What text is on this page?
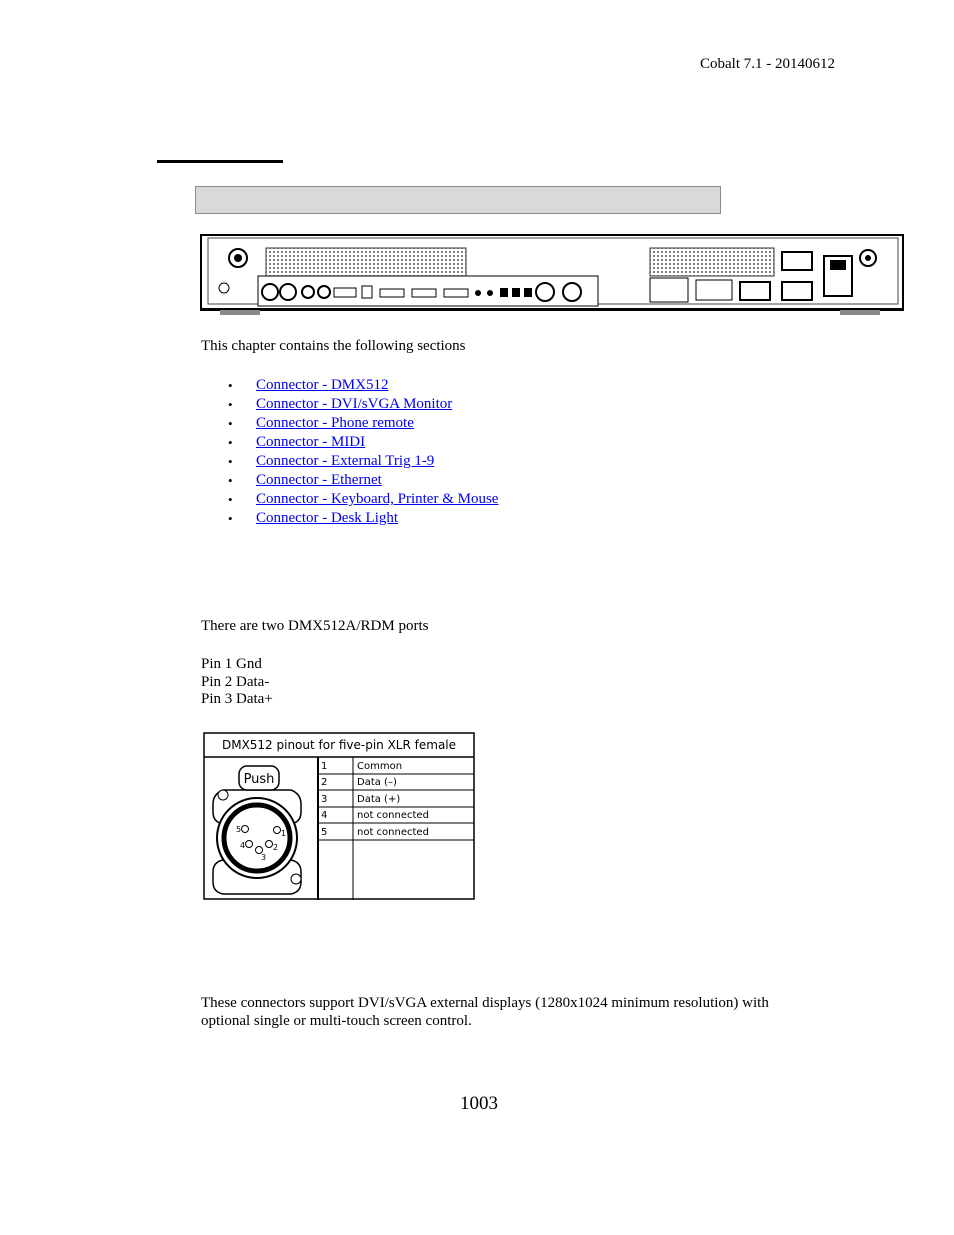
Cobalt 7.1 - 20140612
This chapter contains the following sections
• Connector - DMX512
• Connector - DVI/sVGA Monitor
• Connector - Phone remote
• Connector - MIDI
• Connector - External Trig 1-9
• Connector - Ethernet
• Connector - Keyboard, Printer & Mouse
• Connector - Desk Light
There are two DMX512A/RDM ports
Pin 1 Gnd
Pin 2 Data-
Pin 3 Data+
DMX512 pinout for five-pin XLR female
1	Common
2	Data (–)
3	Data (+)
4	not connected
5	not connected
Push
1
2
3
4
5
These connectors support DVI/sVGA external displays (1280x1024 minimum resolution) with optional single or multi-touch screen control.
1003
